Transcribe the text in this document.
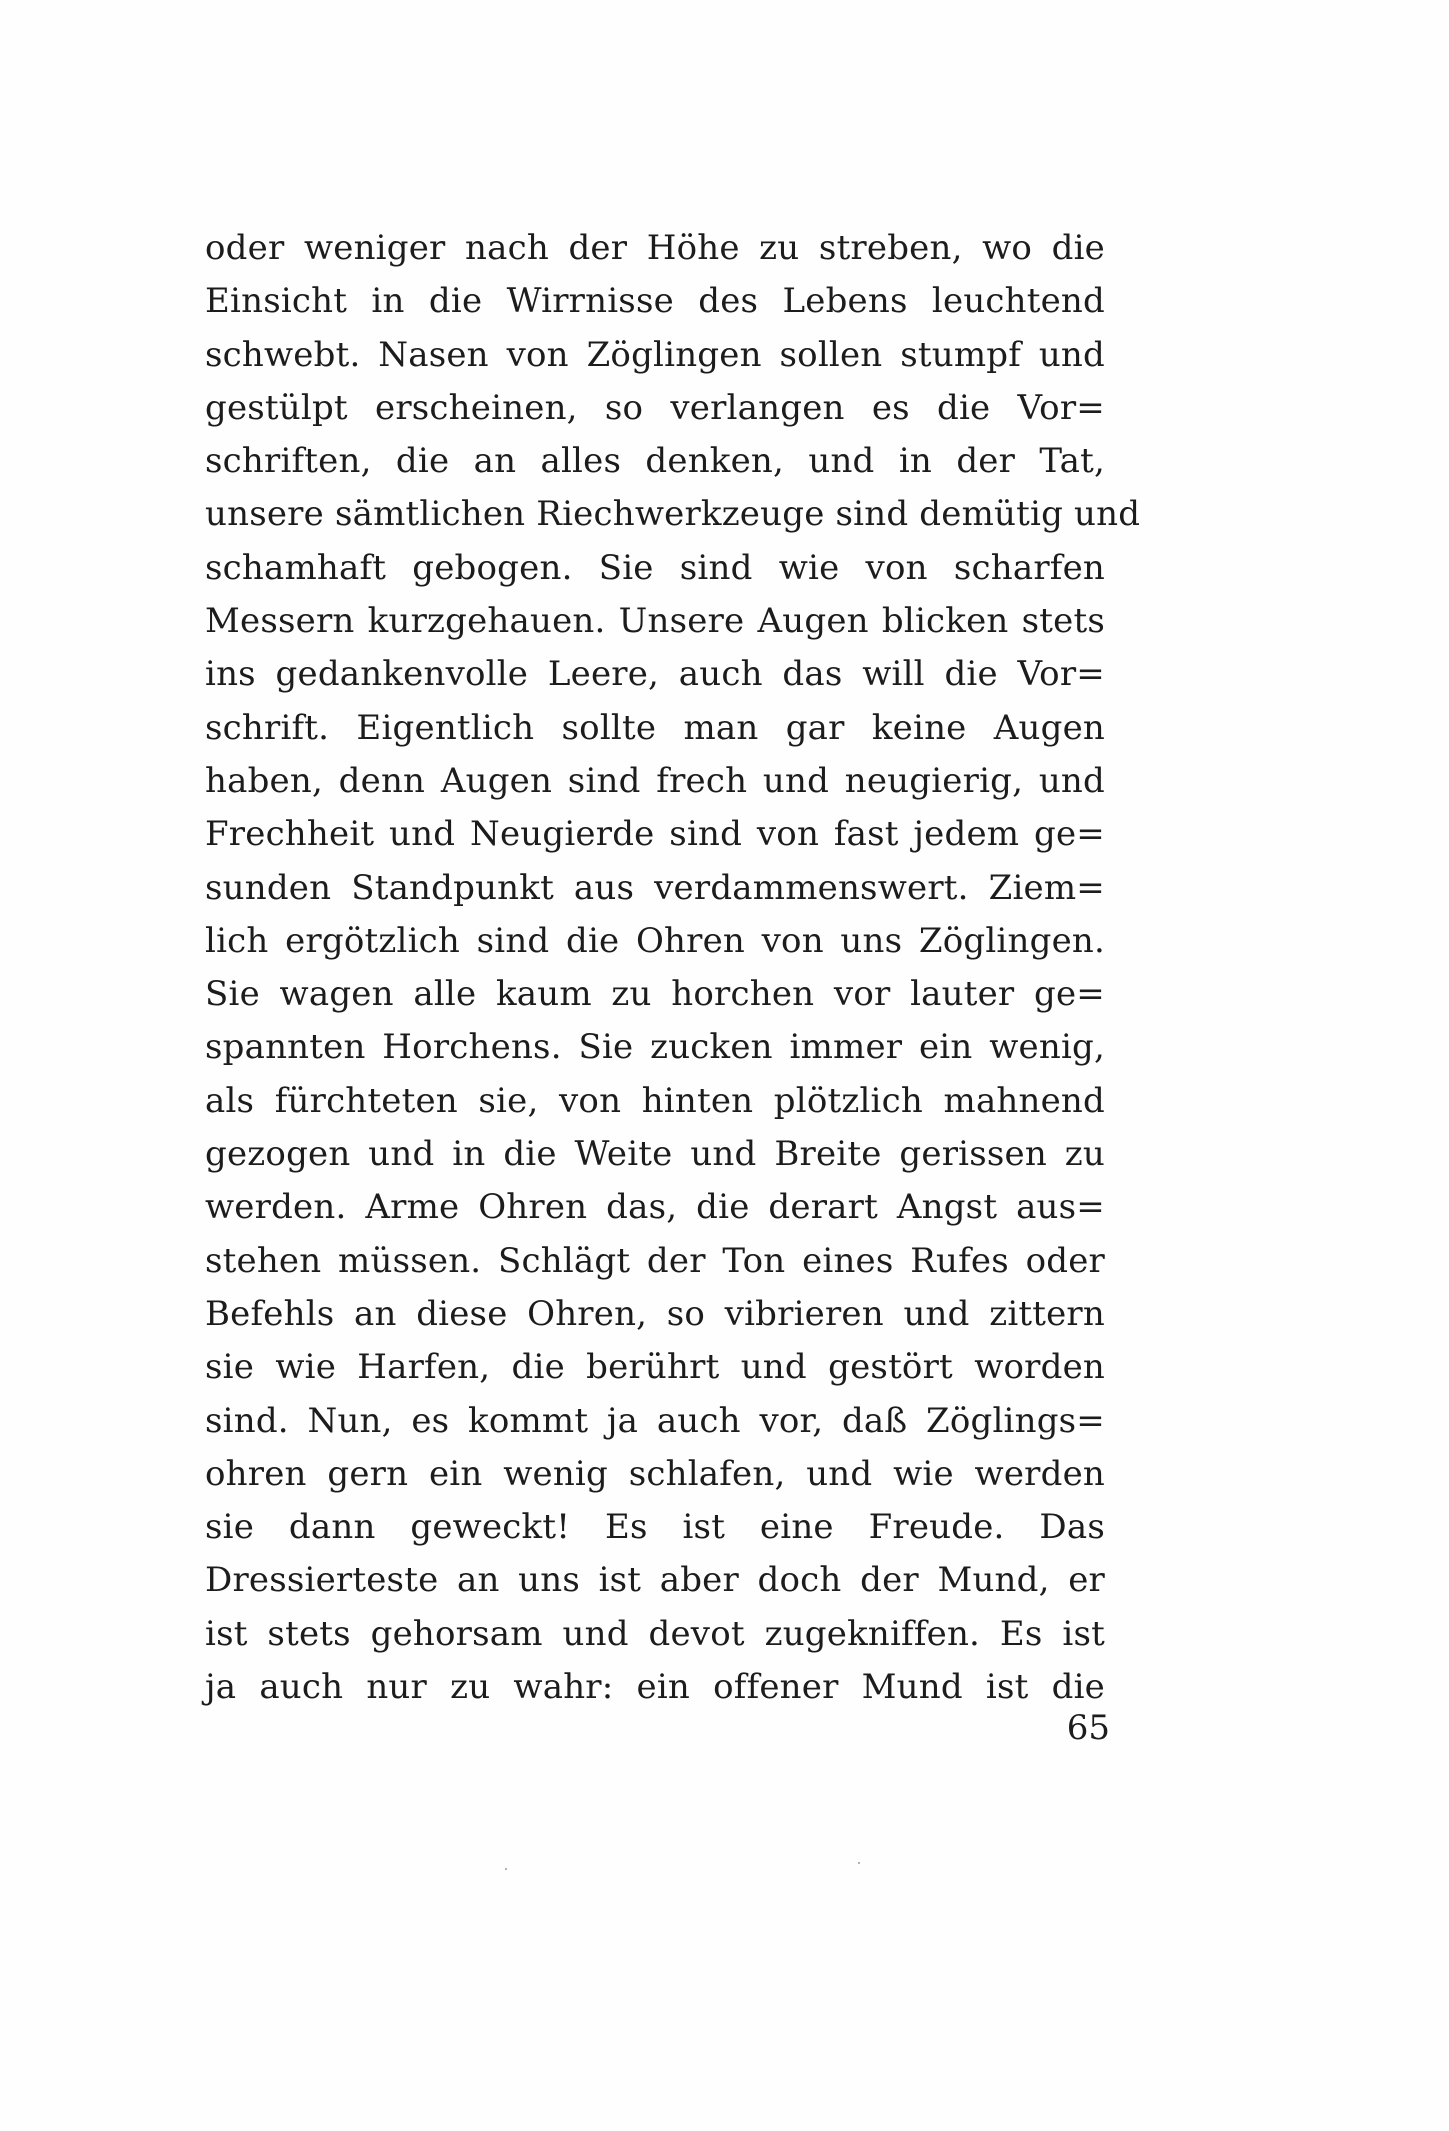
oder weniger nach der Höhe zu streben, wo die
Einsicht in die Wirrnisse des Lebens leuchtend
schwebt. Nasen von Zöglingen sollen stumpf und
gestülpt erscheinen, so verlangen es die Vor=
schriften, die an alles denken, und in der Tat,
unsere sämtlichen Riechwerkzeuge sind demütig und
schamhaft gebogen. Sie sind wie von scharfen
Messern kurzgehauen. Unsere Augen blicken stets
ins gedankenvolle Leere, auch das will die Vor=
schrift. Eigentlich sollte man gar keine Augen
haben, denn Augen sind frech und neugierig, und
Frechheit und Neugierde sind von fast jedem ge=
sunden Standpunkt aus verdammenswert. Ziem=
lich ergötzlich sind die Ohren von uns Zöglingen.
Sie wagen alle kaum zu horchen vor lauter ge=
spannten Horchens. Sie zucken immer ein wenig,
als fürchteten sie, von hinten plötzlich mahnend
gezogen und in die Weite und Breite gerissen zu
werden. Arme Ohren das, die derart Angst aus=
stehen müssen. Schlägt der Ton eines Rufes oder
Befehls an diese Ohren, so vibrieren und zittern
sie wie Harfen, die berührt und gestört worden
sind. Nun, es kommt ja auch vor, daß Zöglings=
ohren gern ein wenig schlafen, und wie werden
sie dann geweckt! Es ist eine Freude. Das
Dressierteste an uns ist aber doch der Mund, er
ist stets gehorsam und devot zugekniffen. Es ist
ja auch nur zu wahr: ein offener Mund ist die
65
